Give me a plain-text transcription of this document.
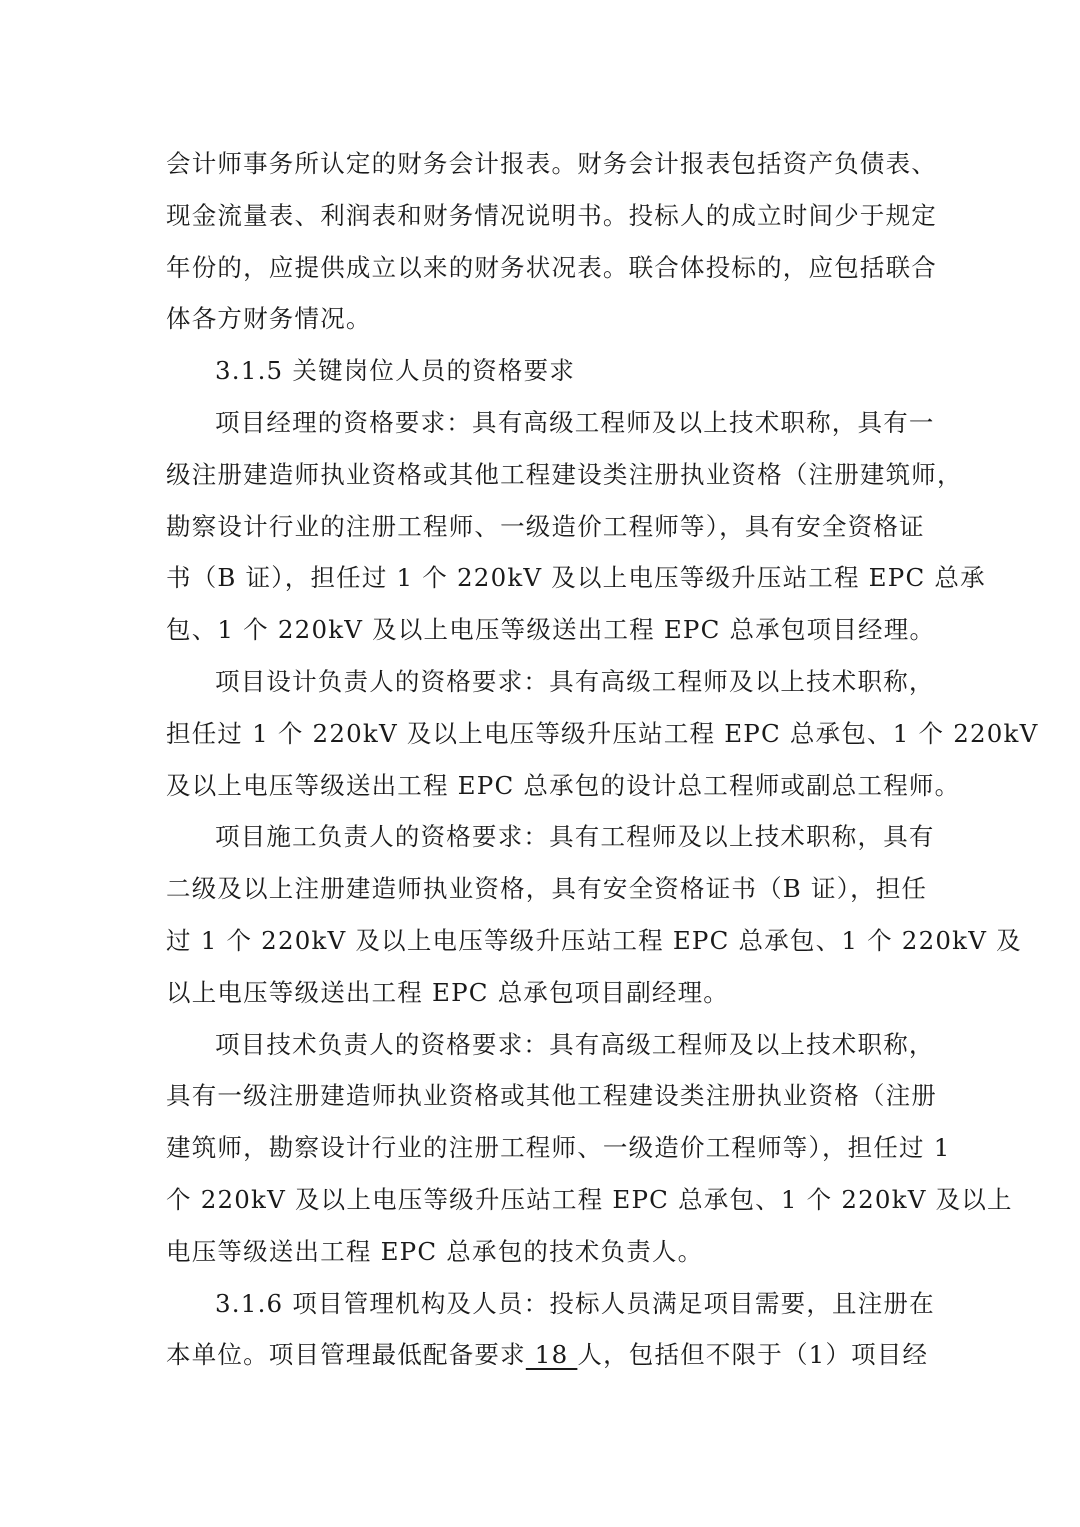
会计师事务所认定的财务会计报表。财务会计报表包括资产负债表、
现金流量表、利润表和财务情况说明书。投标人的成立时间少于规定
年份的，应提供成立以来的财务状况表。联合体投标的，应包括联合
体各方财务情况。
3.1.5 关键岗位人员的资格要求
项目经理的资格要求：具有高级工程师及以上技术职称，具有一
级注册建造师执业资格或其他工程建设类注册执业资格（注册建筑师，
勘察设计行业的注册工程师、一级造价工程师等），具有安全资格证
书（B 证），担任过 1 个 220kV 及以上电压等级升压站工程 EPC 总承
包、1 个 220kV 及以上电压等级送出工程 EPC 总承包项目经理。
项目设计负责人的资格要求：具有高级工程师及以上技术职称，
担任过 1 个 220kV 及以上电压等级升压站工程 EPC 总承包、1 个 220kV
及以上电压等级送出工程 EPC 总承包的设计总工程师或副总工程师。
项目施工负责人的资格要求：具有工程师及以上技术职称，具有
二级及以上注册建造师执业资格，具有安全资格证书（B 证），担任
过 1 个 220kV 及以上电压等级升压站工程 EPC 总承包、1 个 220kV 及
以上电压等级送出工程 EPC 总承包项目副经理。
项目技术负责人的资格要求：具有高级工程师及以上技术职称，
具有一级注册建造师执业资格或其他工程建设类注册执业资格（注册
建筑师，勘察设计行业的注册工程师、一级造价工程师等），担任过 1
个 220kV 及以上电压等级升压站工程 EPC 总承包、1 个 220kV 及以上
电压等级送出工程 EPC 总承包的技术负责人。
3.1.6 项目管理机构及人员：投标人员满足项目需要，且注册在
本单位。项目管理最低配备要求 18 人，包括但不限于（1）项目经
